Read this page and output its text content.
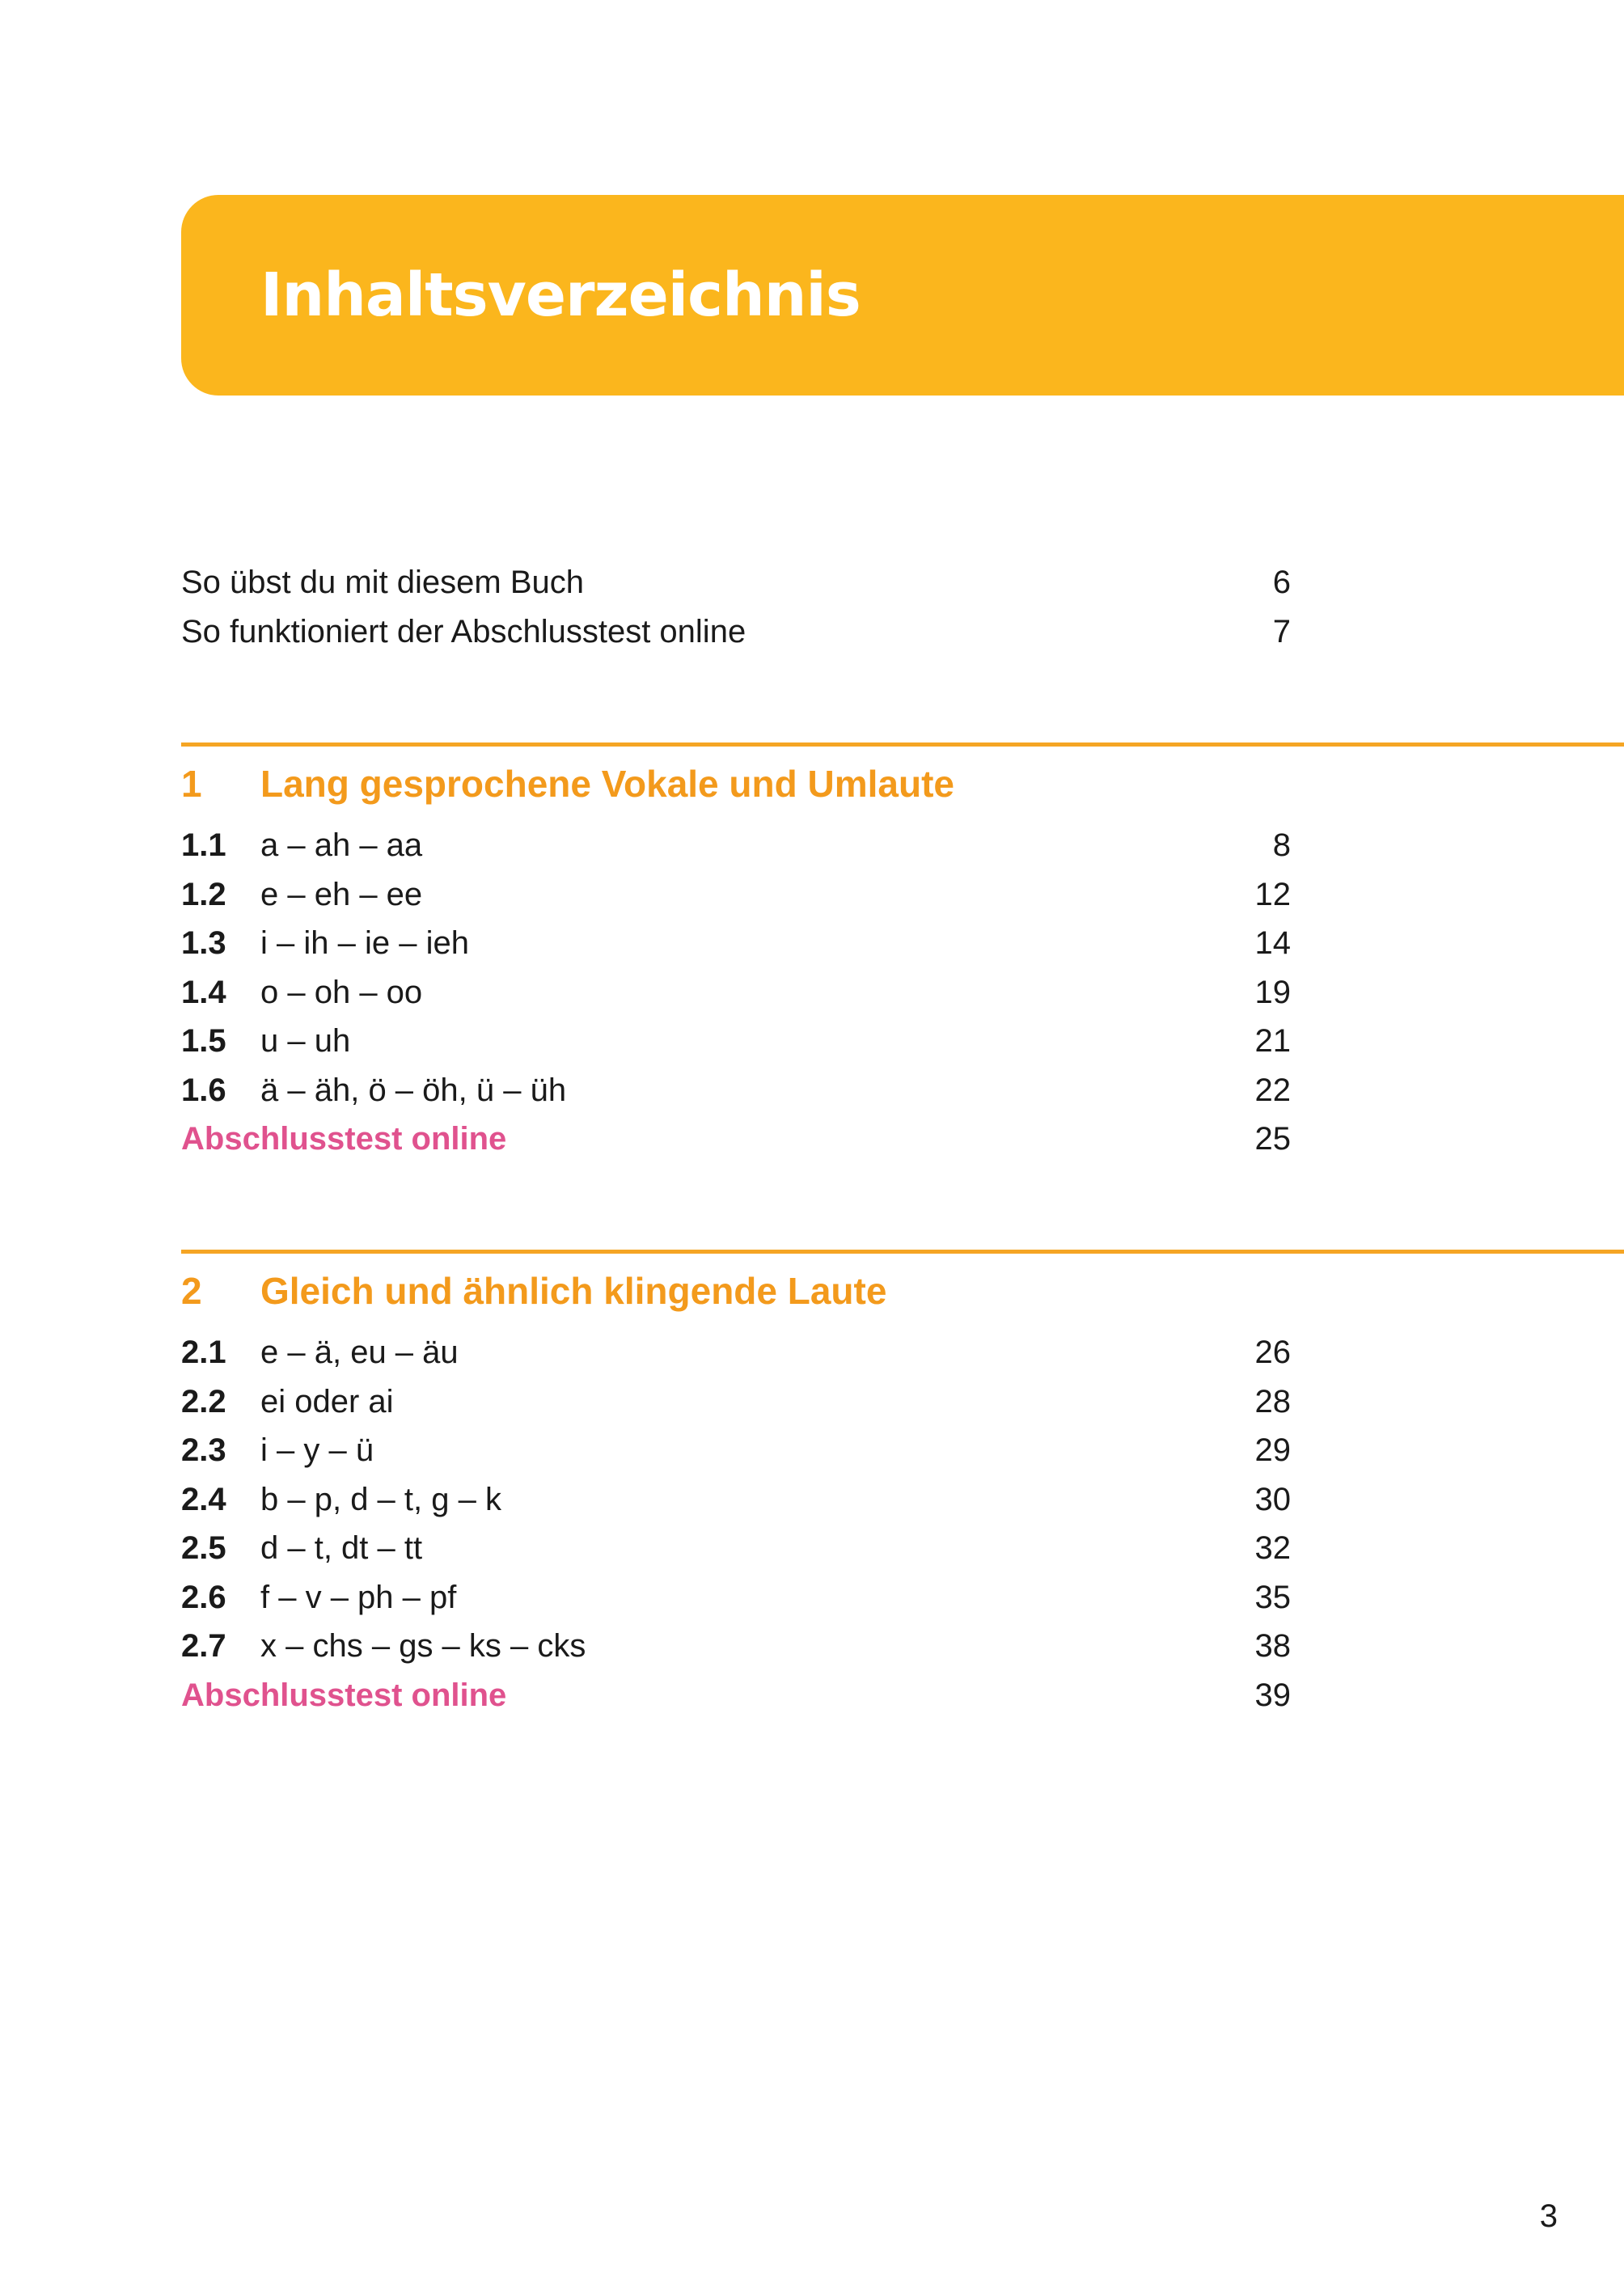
Inhaltsverzeichnis
So übst du mit diesem Buch	6
So funktioniert der Abschlusstest online	7
1 Lang gesprochene Vokale und Umlaute
1.1 a – ah – aa	8
1.2 e – eh – ee	12
1.3 i – ih – ie – ieh	14
1.4 o – oh – oo	19
1.5 u – uh	21
1.6 ä – äh, ö – öh, ü – üh	22
Abschlusstest online	25
2 Gleich und ähnlich klingende Laute
2.1 e – ä, eu – äu	26
2.2 ei oder ai	28
2.3 i – y – ü	29
2.4 b – p, d – t, g – k	30
2.5 d – t, dt – tt	32
2.6 f – v – ph – pf	35
2.7 x – chs – gs – ks – cks	38
Abschlusstest online	39
3
